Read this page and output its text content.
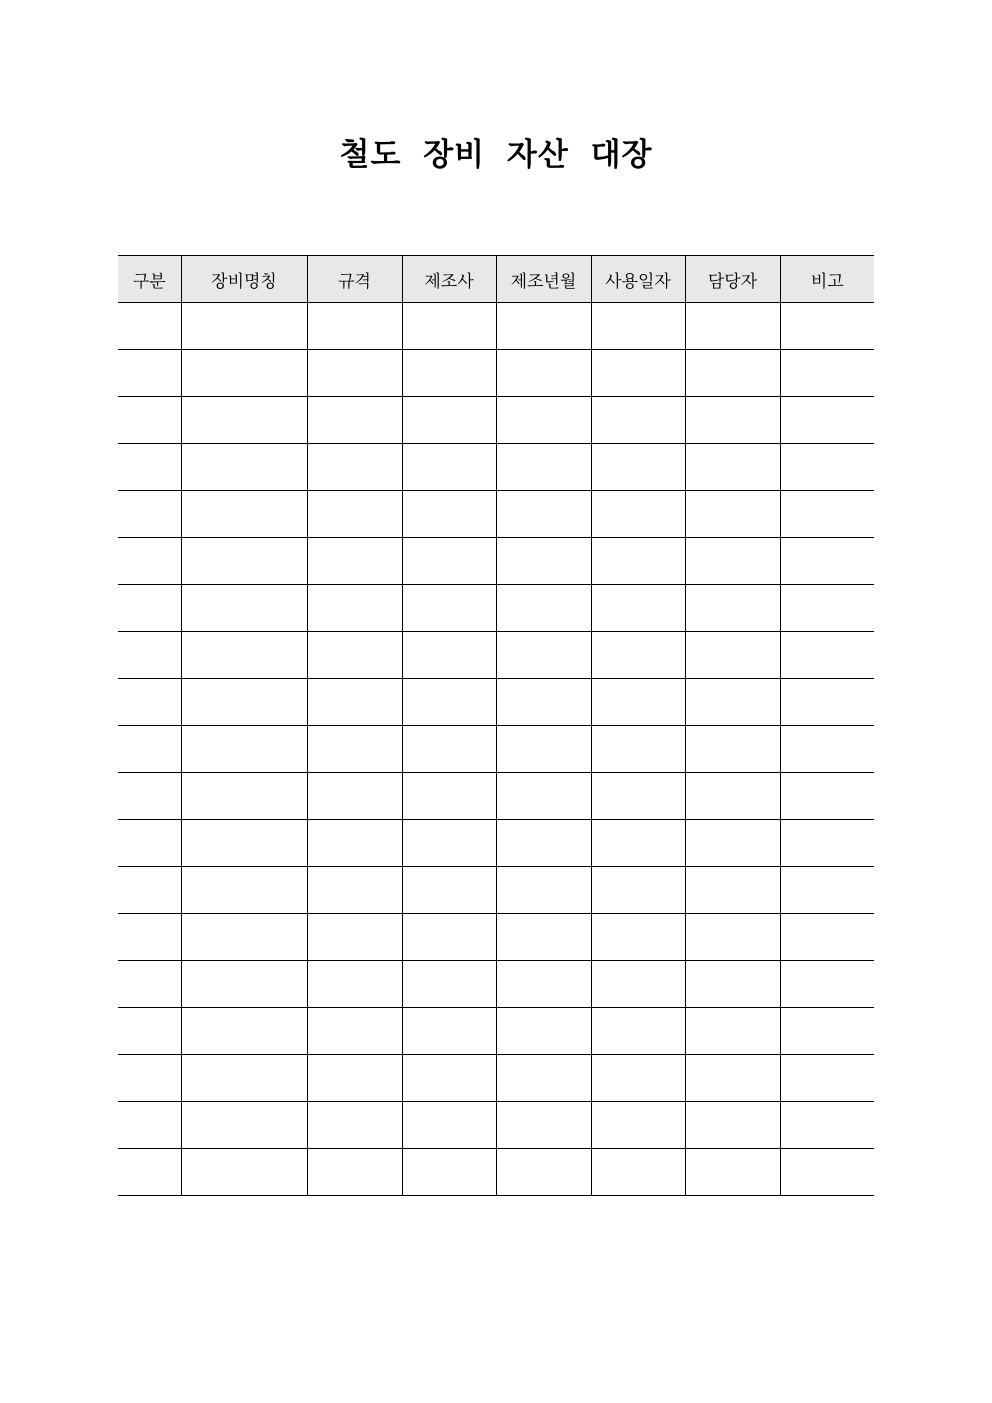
철도 장비 자산 대장
구분	장비명칭	규격	제조사	제조년월	사용일자	담당자	비고
